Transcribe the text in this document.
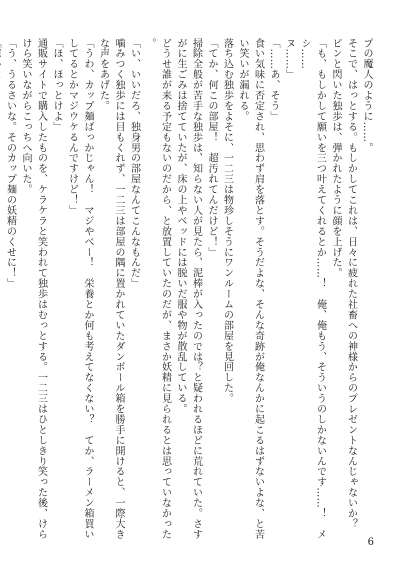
プの魔人のように……。

そこで、はっとする。もしかしてこれは、日々に疲れた社畜への神様からのプレゼントなんじゃないか？　ピンと閃いた独歩は、弾かれたように顔を上げた。

「も、もしかして願いを三つ叶えてくれるとか……！　俺、俺もう、そういうのしかないんです……！　メシ……

ヌ……」

「……あ、そう」

食い気味に否定され、思わず肩を落とす。そうだよな、そんな奇跡が俺なんかに起こるはずないよな、と苦い笑いが漏れる。

落ち込む独歩をよそに、一二三は物珍しそうにワンルームの部屋を見回した。

「てか、何この部屋！　超汚れてんだけど！」

掃除全般が苦手な独歩は、知らない人が見たら、泥棒が入ったのでは？と疑われるほどに荒れていた。さすがに生ごみは捨てていたが、床の上やベッドには脱いだ服や物が散乱している。

どうせ誰が来る予定もないのだから、と放置していたのだが、まさか妖精に見られるとは思っていなかった。

「い、いいだろ、独身男の部屋なんてこんなもんだ」

噛みつく独歩には目もくれず、一二三は部屋の隅に置かれていたダンボール箱を勝手に開けると、一際大きな声をあげた。

「うわ、カップ麺ばっかじゃん！　マジやべー！　栄養とか何も考えてなくない？　てか、ラーメン箱買いしてるとかマジウケるんですけど！」

「ほ、ほっとけよ」

通販サイトで購入したものを、ケラケラと笑われて独歩はむっとする。一二三はひとしきり笑った後、けらけら笑いながらこっちへ向いた。

「う、うるさいな。そのカップ麺の妖精のくせに！」

6
